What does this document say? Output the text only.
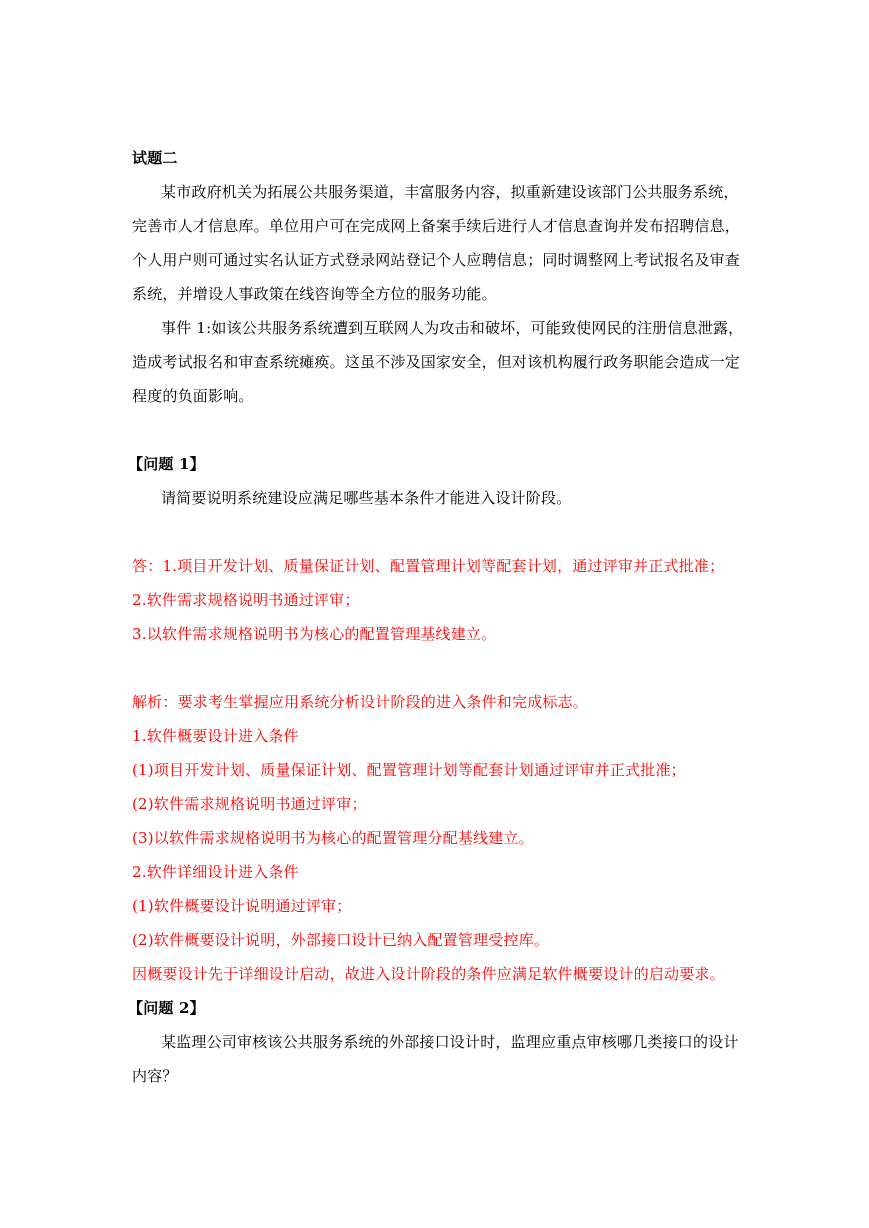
试题二
某市政府机关为拓展公共服务渠道，丰富服务内容，拟重新建设该部门公共服务系统，
完善市人才信息库。单位用户可在完成网上备案手续后进行人才信息查询并发布招聘信息，
个人用户则可通过实名认证方式登录网站登记个人应聘信息；同时调整网上考试报名及审查
系统，并增设人事政策在线咨询等全方位的服务功能。
事件 1:如该公共服务系统遭到互联网人为攻击和破坏，可能致使网民的注册信息泄露，
造成考试报名和审查系统瘫痪。这虽不涉及国家安全，但对该机构履行政务职能会造成一定
程度的负面影响。
【问题 1】
请简要说明系统建设应满足哪些基本条件才能进入设计阶段。
答：1.项目开发计划、质量保证计划、配置管理计划等配套计划，通过评审并正式批准；
2.软件需求规格说明书通过评审；
3.以软件需求规格说明书为核心的配置管理基线建立。
解析：要求考生掌握应用系统分析设计阶段的进入条件和完成标志。
1.软件概要设计进入条件
(1)项目开发计划、质量保证计划、配置管理计划等配套计划通过评审并正式批准；
(2)软件需求规格说明书通过评审；
(3)以软件需求规格说明书为核心的配置管理分配基线建立。
2.软件详细设计进入条件
(1)软件概要设计说明通过评审；
(2)软件概要设计说明，外部接口设计已纳入配置管理受控库。
因概要设计先于详细设计启动，故进入设计阶段的条件应满足软件概要设计的启动要求。
【问题 2】
某监理公司审核该公共服务系统的外部接口设计时，监理应重点审核哪几类接口的设计
内容？
